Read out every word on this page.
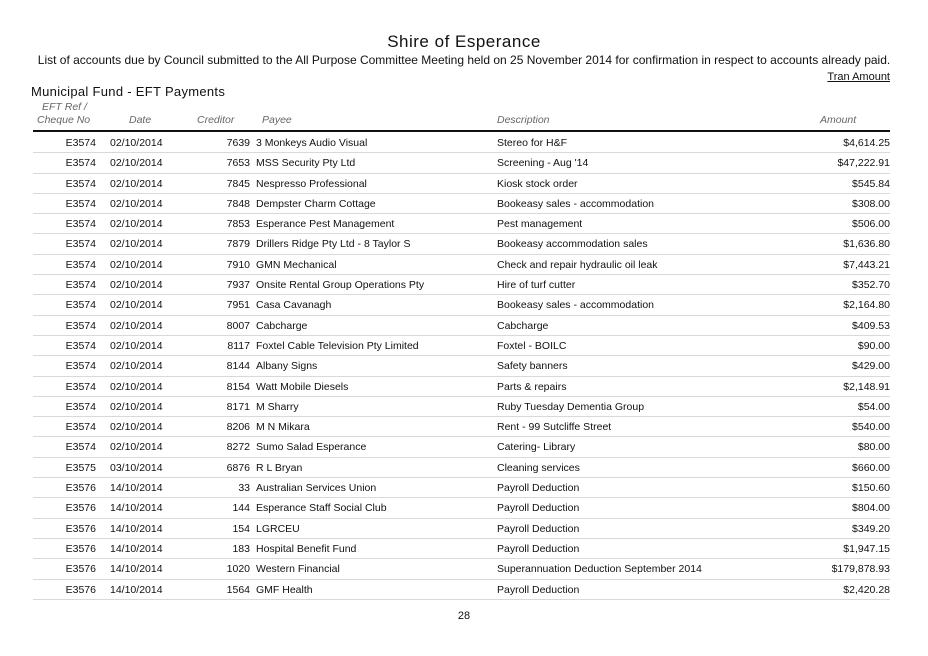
Shire of Esperance
List of accounts due by Council submitted to the All Purpose Committee Meeting held on 25 November 2014 for confirmation in respect to accounts already paid.
Tran Amount
Municipal Fund - EFT Payments
EFT Ref /
Cheque No	Date	Creditor	Payee	Description	Amount
E3574 02/10/2014	7639 3 Monkeys Audio Visual	Stereo for H&F	$4,614.25
E3574 02/10/2014	7653 MSS Security Pty Ltd	Screening - Aug '14	$47,222.91
E3574 02/10/2014	7845 Nespresso Professional	Kiosk stock order	$545.84
E3574 02/10/2014	7848 Dempster Charm Cottage	Bookeasy sales - accommodation	$308.00
E3574 02/10/2014	7853 Esperance Pest Management	Pest management	$506.00
E3574 02/10/2014	7879 Drillers Ridge Pty Ltd - 8 Taylor S	Bookeasy accommodation sales	$1,636.80
E3574 02/10/2014	7910 GMN Mechanical	Check and repair hydraulic oil leak	$7,443.21
E3574 02/10/2014	7937 Onsite Rental Group Operations Pty	Hire of turf cutter	$352.70
E3574 02/10/2014	7951 Casa Cavanagh	Bookeasy sales - accommodation	$2,164.80
E3574 02/10/2014	8007 Cabcharge	Cabcharge	$409.53
E3574 02/10/2014	8117 Foxtel Cable Television Pty Limited	Foxtel - BOILC	$90.00
E3574 02/10/2014	8144 Albany Signs	Safety banners	$429.00
E3574 02/10/2014	8154 Watt Mobile Diesels	Parts & repairs	$2,148.91
E3574 02/10/2014	8171 M Sharry	Ruby Tuesday Dementia Group	$54.00
E3574 02/10/2014	8206 M N Mikara	Rent - 99 Sutcliffe Street	$540.00
E3574 02/10/2014	8272 Sumo Salad Esperance	Catering- Library	$80.00
E3575 03/10/2014	6876 R L Bryan	Cleaning services	$660.00
E3576 14/10/2014	33 Australian Services Union	Payroll Deduction	$150.60
E3576 14/10/2014	144 Esperance Staff Social Club	Payroll Deduction	$804.00
E3576 14/10/2014	154 LGRCEU	Payroll Deduction	$349.20
E3576 14/10/2014	183 Hospital Benefit Fund	Payroll Deduction	$1,947.15
E3576 14/10/2014	1020 Western Financial	Superannuation Deduction September 2014	$179,878.93
E3576 14/10/2014	1564 GMF Health	Payroll Deduction	$2,420.28
28
